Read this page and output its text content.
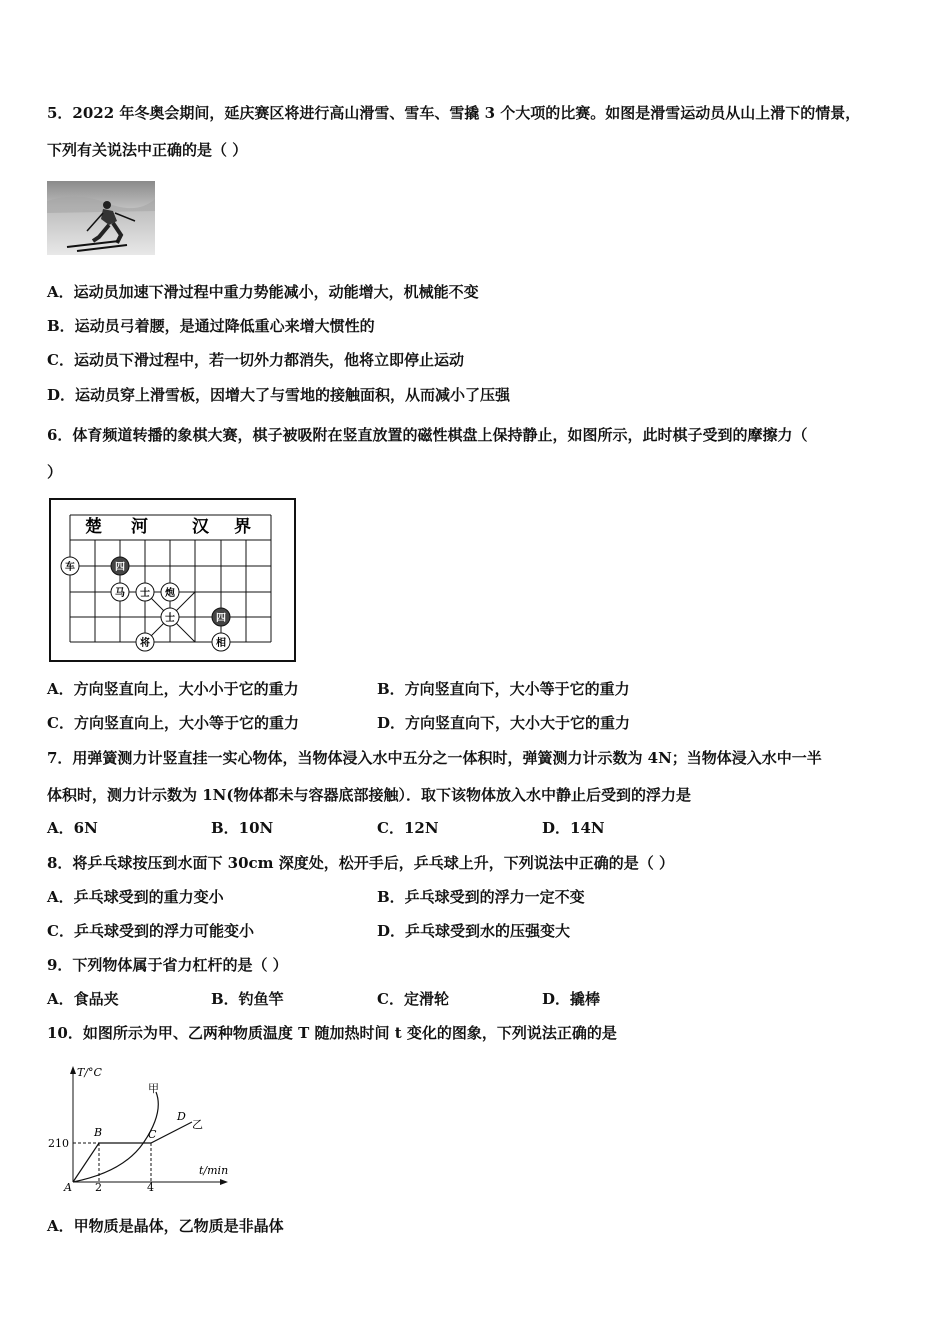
5．2022 年冬奥会期间，延庆赛区将进行高山滑雪、雪车、雪撬 3 个大项的比赛。如图是滑雪运动员从山上滑下的情景，
下列有关说法中正确的是（ ）
A．运动员加速下滑过程中重力势能减小，动能增大，机械能不变
B．运动员弓着腰，是通过降低重心来增大惯性的
C．运动员下滑过程中，若一切外力都消失，他将立即停止运动
D．运动员穿上滑雪板，因增大了与雪地的接触面积，从而减小了压强
6．体育频道转播的象棋大赛，棋子被吸附在竖直放置的磁性棋盘上保持静止，如图所示，此时棋子受到的摩擦力（
）
楚 河	汉 界
车	四
马 士 炮
士	四
将	相
A．方向竖直向上，大小小于它的重力	B．方向竖直向下，大小等于它的重力
C．方向竖直向上，大小等于它的重力	D．方向竖直向下，大小大于它的重力
7．用弹簧测力计竖直挂一实心物体，当物体浸入水中五分之一体积时，弹簧测力计示数为 4N；当物体浸入水中一半
体积时，测力计示数为 1N(物体都未与容器底部接触）．取下该物体放入水中静止后受到的浮力是
A．6N	B．10N	C．12N	D．14N
8．将乒乓球按压到水面下 30cm 深度处，松开手后，乒乓球上升，下列说法中正确的是（ ）
A．乒乓球受到的重力变小	B．乒乓球受到的浮力一定不变
C．乒乓球受到的浮力可能变小	D．乒乓球受到水的压强变大
9．下列物体属于省力杠杆的是（ ）
A．食品夹	B．钓鱼竿	C．定滑轮	D．撬棒
10．如图所示为甲、乙两种物质温度 T 随加热时间 t 变化的图象，下列说法正确的是
T/°C
t/min
210
2	4
A
B	C
D
甲
乙
A．甲物质是晶体，乙物质是非晶体
